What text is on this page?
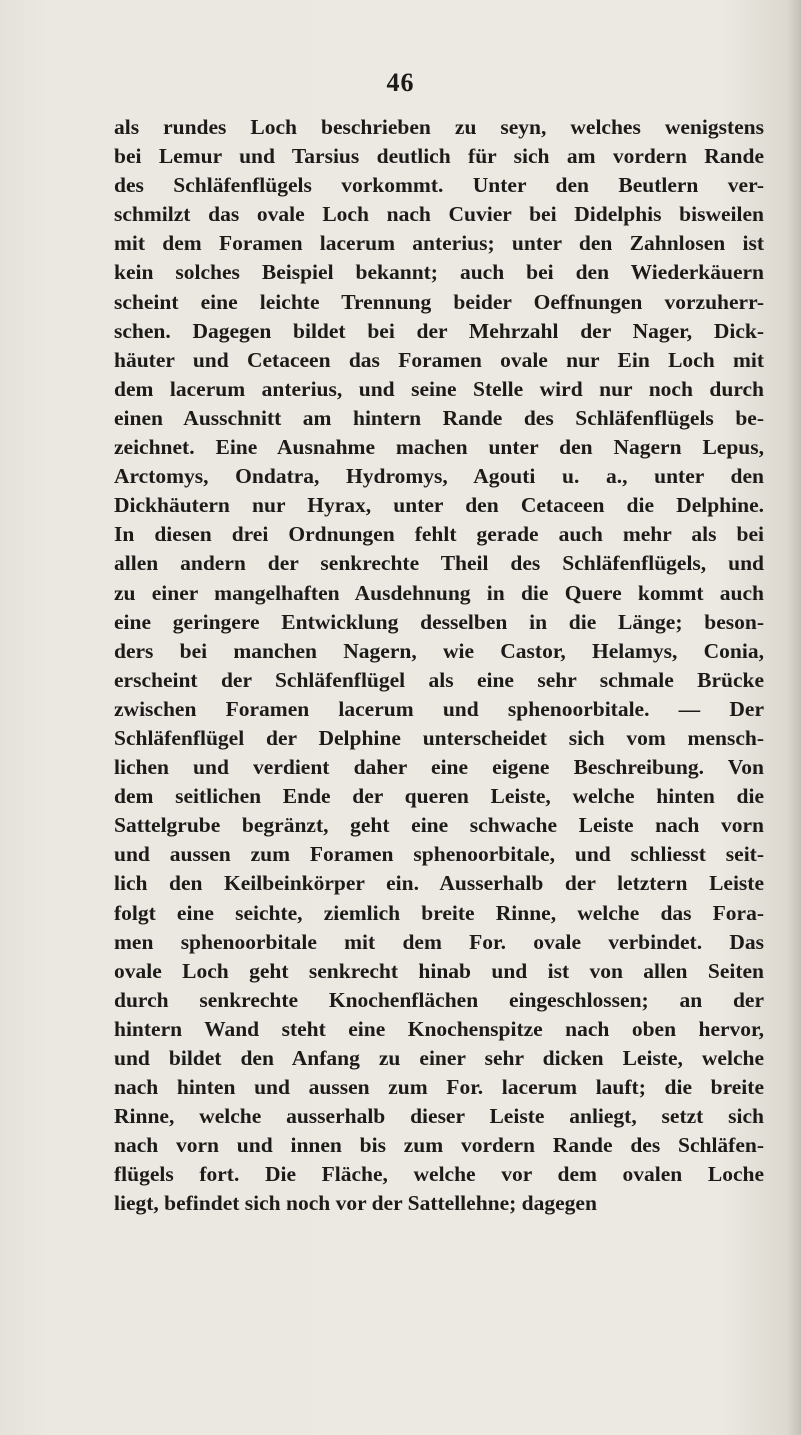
46
als rundes Loch beschrieben zu seyn, welches wenigstens
bei Lemur und Tarsius deutlich für sich am vordern Rande
des Schläfenflügels vorkommt. Unter den Beutlern ver-
schmilzt das ovale Loch nach Cuvier bei Didelphis bisweilen
mit dem Foramen lacerum anterius; unter den Zahnlosen ist
kein solches Beispiel bekannt; auch bei den Wiederkäuern
scheint eine leichte Trennung beider Oeffnungen vorzuherr-
schen. Dagegen bildet bei der Mehrzahl der Nager, Dick-
häuter und Cetaceen das Foramen ovale nur Ein Loch mit
dem lacerum anterius, und seine Stelle wird nur noch durch
einen Ausschnitt am hintern Rande des Schläfenflügels be-
zeichnet. Eine Ausnahme machen unter den Nagern Lepus,
Arctomys, Ondatra, Hydromys, Agouti u. a., unter den
Dickhäutern nur Hyrax, unter den Cetaceen die Delphine.
In diesen drei Ordnungen fehlt gerade auch mehr als bei
allen andern der senkrechte Theil des Schläfenflügels, und
zu einer mangelhaften Ausdehnung in die Quere kommt auch
eine geringere Entwicklung desselben in die Länge; beson-
ders bei manchen Nagern, wie Castor, Helamys, Conia,
erscheint der Schläfenflügel als eine sehr schmale Brücke
zwischen Foramen lacerum und sphenoorbitale. — Der
Schläfenflügel der Delphine unterscheidet sich vom mensch-
lichen und verdient daher eine eigene Beschreibung. Von
dem seitlichen Ende der queren Leiste, welche hinten die
Sattelgrube begränzt, geht eine schwache Leiste nach vorn
und aussen zum Foramen sphenoorbitale, und schliesst seit-
lich den Keilbeinkörper ein. Ausserhalb der letztern Leiste
folgt eine seichte, ziemlich breite Rinne, welche das Fora-
men sphenoorbitale mit dem For. ovale verbindet. Das
ovale Loch geht senkrecht hinab und ist von allen Seiten
durch senkrechte Knochenflächen eingeschlossen; an der
hintern Wand steht eine Knochenspitze nach oben hervor,
und bildet den Anfang zu einer sehr dicken Leiste, welche
nach hinten und aussen zum For. lacerum lauft; die breite
Rinne, welche ausserhalb dieser Leiste anliegt, setzt sich
nach vorn und innen bis zum vordern Rande des Schläfen-
flügels fort. Die Fläche, welche vor dem ovalen Loche
liegt, befindet sich noch vor der Sattellehne; dagegen
